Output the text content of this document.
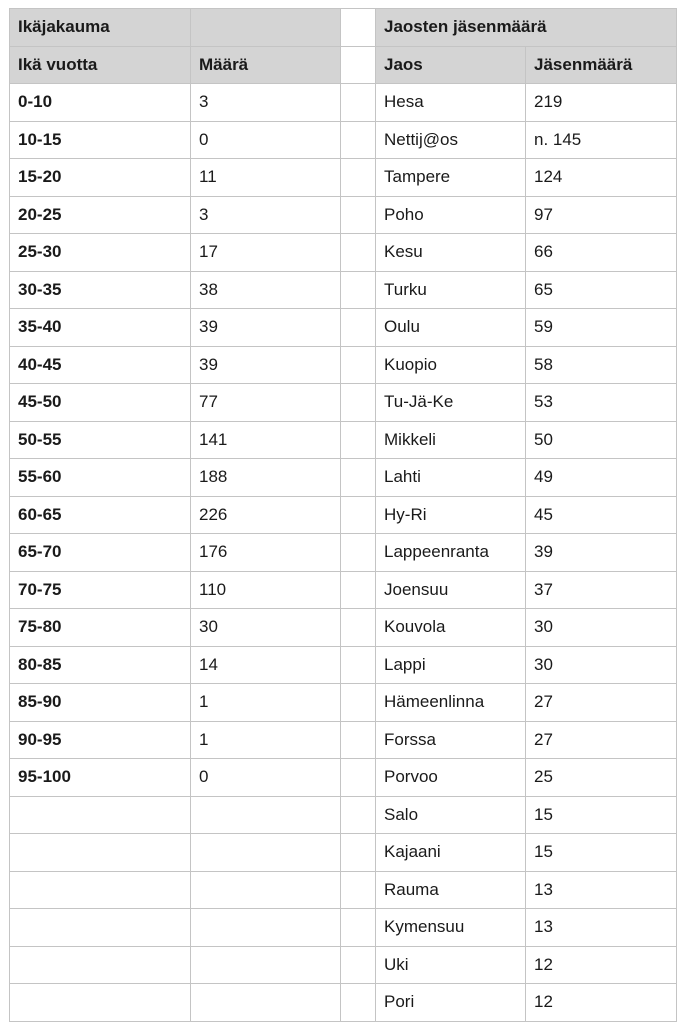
Ikäjakauma			Jaosten jäsenmäärä	
Ikä vuotta	Määrä		Jaos	Jäsenmäärä
0-10	3		Hesa	219
10-15	0		Nettij@os	n. 145
15-20	11		Tampere	124
20-25	3		Poho	97
25-30	17		Kesu	66
30-35	38		Turku	65
35-40	39		Oulu	59
40-45	39		Kuopio	58
45-50	77		Tu-Jä-Ke	53
50-55	141		Mikkeli	50
55-60	188		Lahti	49
60-65	226		Hy-Ri	45
65-70	176		Lappeenranta	39
70-75	110		Joensuu	37
75-80	30		Kouvola	30
80-85	14		Lappi	30
85-90	1		Hämeenlinna	27
90-95	1		Forssa	27
95-100	0		Porvoo	25
			Salo	15
			Kajaani	15
			Rauma	13
			Kymensuu	13
			Uki	12
			Pori	12
